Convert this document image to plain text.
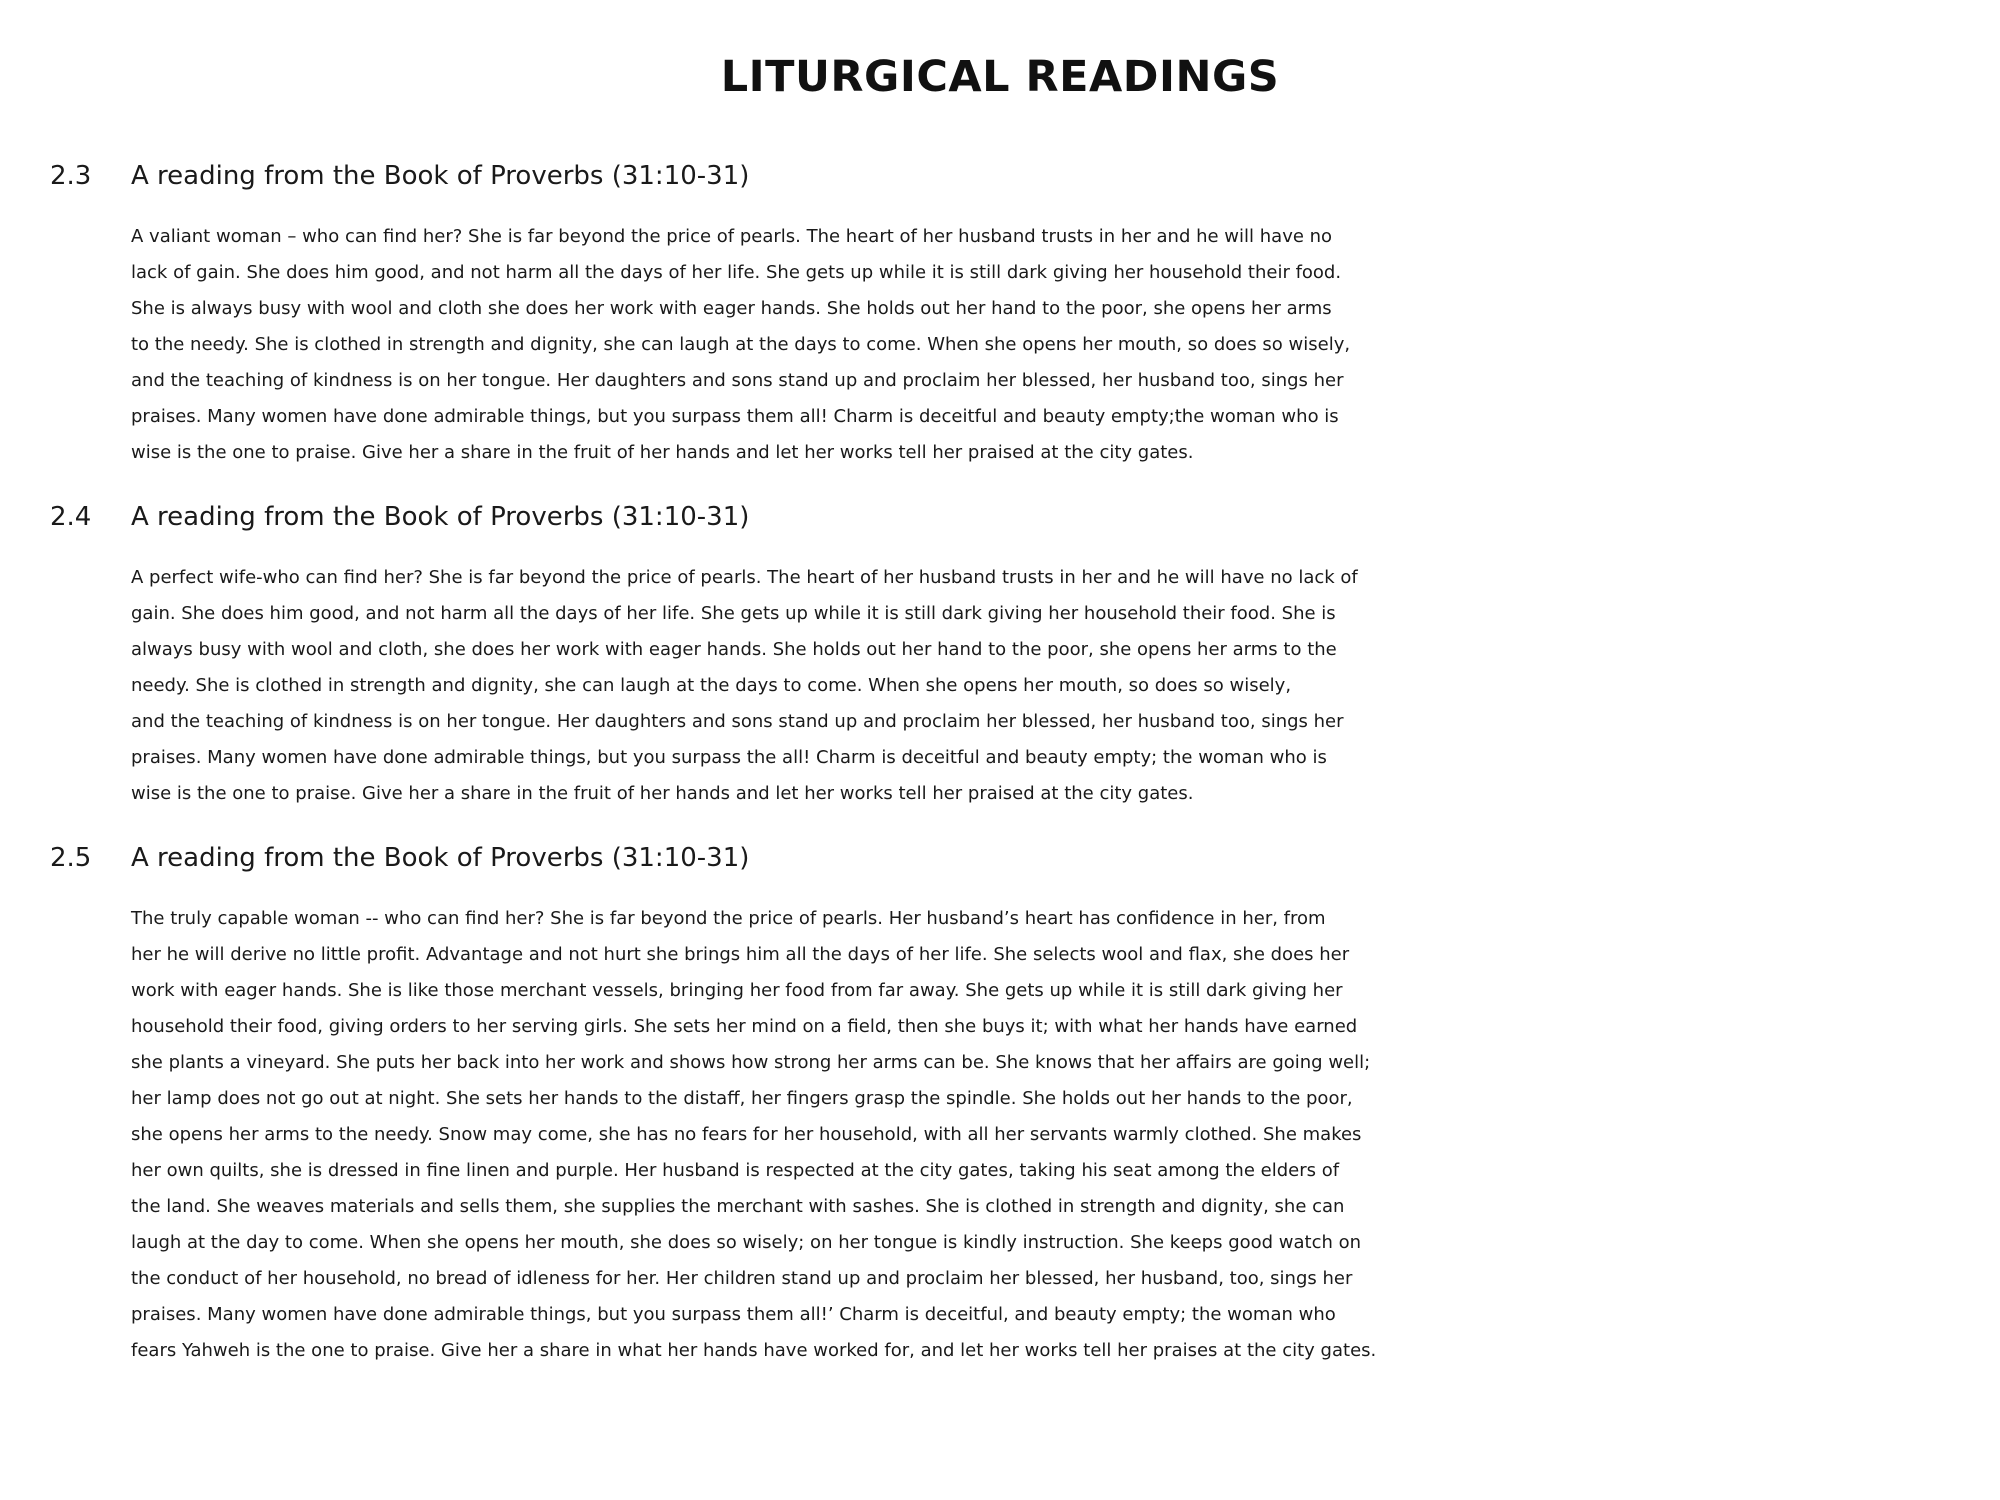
LITURGICAL READINGS
2.3	A reading from the Book of Proverbs (31:10-31)
A valiant woman – who can find her? She is far beyond the price of pearls. The heart of her husband trusts in her and he will have no
lack of gain. She does him good, and not harm all the days of her life. She gets up while it is still dark giving her household their food.
She is always busy with wool and cloth she does her work with eager hands. She holds out her hand to the poor, she opens her arms
to the needy. She is clothed in strength and dignity, she can laugh at the days to come. When she opens her mouth, so does so wisely,
and the teaching of kindness is on her tongue. Her daughters and sons stand up and proclaim her blessed, her husband too, sings her
praises. Many women have done admirable things, but you surpass them all! Charm is deceitful and beauty empty;the woman who is
wise is the one to praise. Give her a share in the fruit of her hands and let her works tell her praised at the city gates.
2.4	A reading from the Book of Proverbs (31:10-31)
A perfect wife-who can find her? She is far beyond the price of pearls. The heart of her husband trusts in her and he will have no lack of
gain. She does him good, and not harm all the days of her life. She gets up while it is still dark giving her household their food. She is
always busy with wool and cloth, she does her work with eager hands. She holds out her hand to the poor, she opens her arms to the
needy. She is clothed in strength and dignity, she can laugh at the days to come. When she opens her mouth, so does so wisely,
and the teaching of kindness is on her tongue. Her daughters and sons stand up and proclaim her blessed, her husband too, sings her
praises. Many women have done admirable things, but you surpass the all! Charm is deceitful and beauty empty; the woman who is
wise is the one to praise. Give her a share in the fruit of her hands and let her works tell her praised at the city gates.
2.5	A reading from the Book of Proverbs (31:10-31)
The truly capable woman -- who can find her? She is far beyond the price of pearls. Her husband’s heart has confidence in her, from
her he will derive no little profit. Advantage and not hurt she brings him all the days of her life. She selects wool and flax, she does her
work with eager hands. She is like those merchant vessels, bringing her food from far away. She gets up while it is still dark giving her
household their food, giving orders to her serving girls. She sets her mind on a field, then she buys it; with what her hands have earned
she plants a vineyard. She puts her back into her work and shows how strong her arms can be. She knows that her affairs are going well;
her lamp does not go out at night. She sets her hands to the distaff, her fingers grasp the spindle. She holds out her hands to the poor,
she opens her arms to the needy. Snow may come, she has no fears for her household, with all her servants warmly clothed. She makes
her own quilts, she is dressed in fine linen and purple. Her husband is respected at the city gates, taking his seat among the elders of
the land. She weaves materials and sells them, she supplies the merchant with sashes. She is clothed in strength and dignity, she can
laugh at the day to come. When she opens her mouth, she does so wisely; on her tongue is kindly instruction. She keeps good watch on
the conduct of her household, no bread of idleness for her. Her children stand up and proclaim her blessed, her husband, too, sings her
praises. Many women have done admirable things, but you surpass them all!’ Charm is deceitful, and beauty empty; the woman who
fears Yahweh is the one to praise. Give her a share in what her hands have worked for, and let her works tell her praises at the city gates.
